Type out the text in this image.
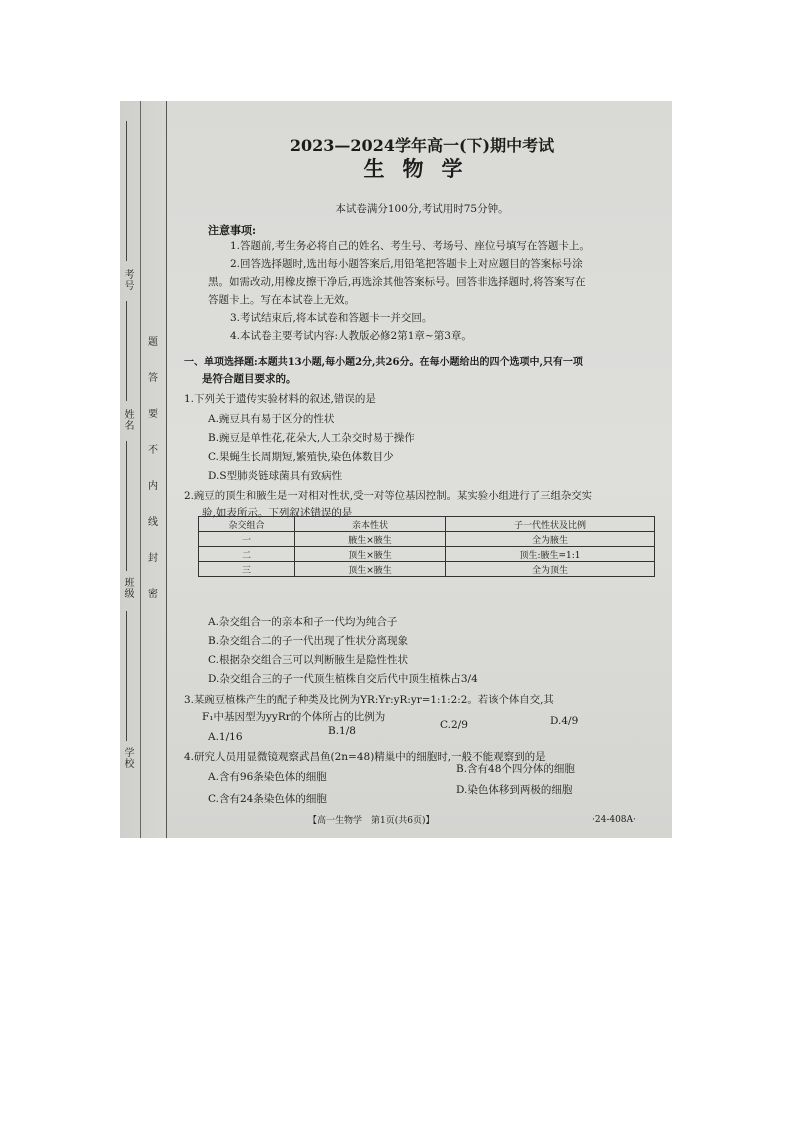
考号
姓名
班级
学校
题
答
要
不
内
线
封
密
2023—2024学年高一(下)期中考试
生物学
本试卷满分100分,考试用时75分钟。
注意事项:
1.答题前,考生务必将自己的姓名、考生号、考场号、座位号填写在答题卡上。
2.回答选择题时,选出每小题答案后,用铅笔把答题卡上对应题目的答案标号涂
黑。如需改动,用橡皮擦干净后,再选涂其他答案标号。回答非选择题时,将答案写在
答题卡上。写在本试卷上无效。
3.考试结束后,将本试卷和答题卡一并交回。
4.本试卷主要考试内容:人教版必修2第1章~第3章。
一、单项选择题:本题共13小题,每小题2分,共26分。在每小题给出的四个选项中,只有一项
是符合题目要求的。
1.下列关于遗传实验材料的叙述,错误的是
A.豌豆具有易于区分的性状
B.豌豆是单性花,花朵大,人工杂交时易于操作
C.果蝇生长周期短,繁殖快,染色体数目少
D.S型肺炎链球菌具有致病性
2.豌豆的顶生和腋生是一对相对性状,受一对等位基因控制。某实验小组进行了三组杂交实
验,如表所示。下列叙述错误的是
杂交组合	亲本性状	子一代性状及比例
一	腋生×腋生	全为腋生
二	顶生×腋生	顶生:腋生=1:1
三	顶生×腋生	全为顶生
A.杂交组合一的亲本和子一代均为纯合子
B.杂交组合二的子一代出现了性状分离现象
C.根据杂交组合三可以判断腋生是隐性性状
D.杂交组合三的子一代顶生植株自交后代中顶生植株占3/4
3.某豌豆植株产生的配子种类及比例为YR:Yr:yR:yr=1:1:2:2。若该个体自交,其
F₁中基因型为yyRr的个体所占的比例为
A.1/16	B.1/8	C.2/9	D.4/9
4.研究人员用显微镜观察武昌鱼(2n=48)精巢中的细胞时,一般不能观察到的是
A.含有96条染色体的细胞
B.含有48个四分体的细胞
C.含有24条染色体的细胞
D.染色体移到两极的细胞
【高一生物学　第1页(共6页)】	·24-408A·
